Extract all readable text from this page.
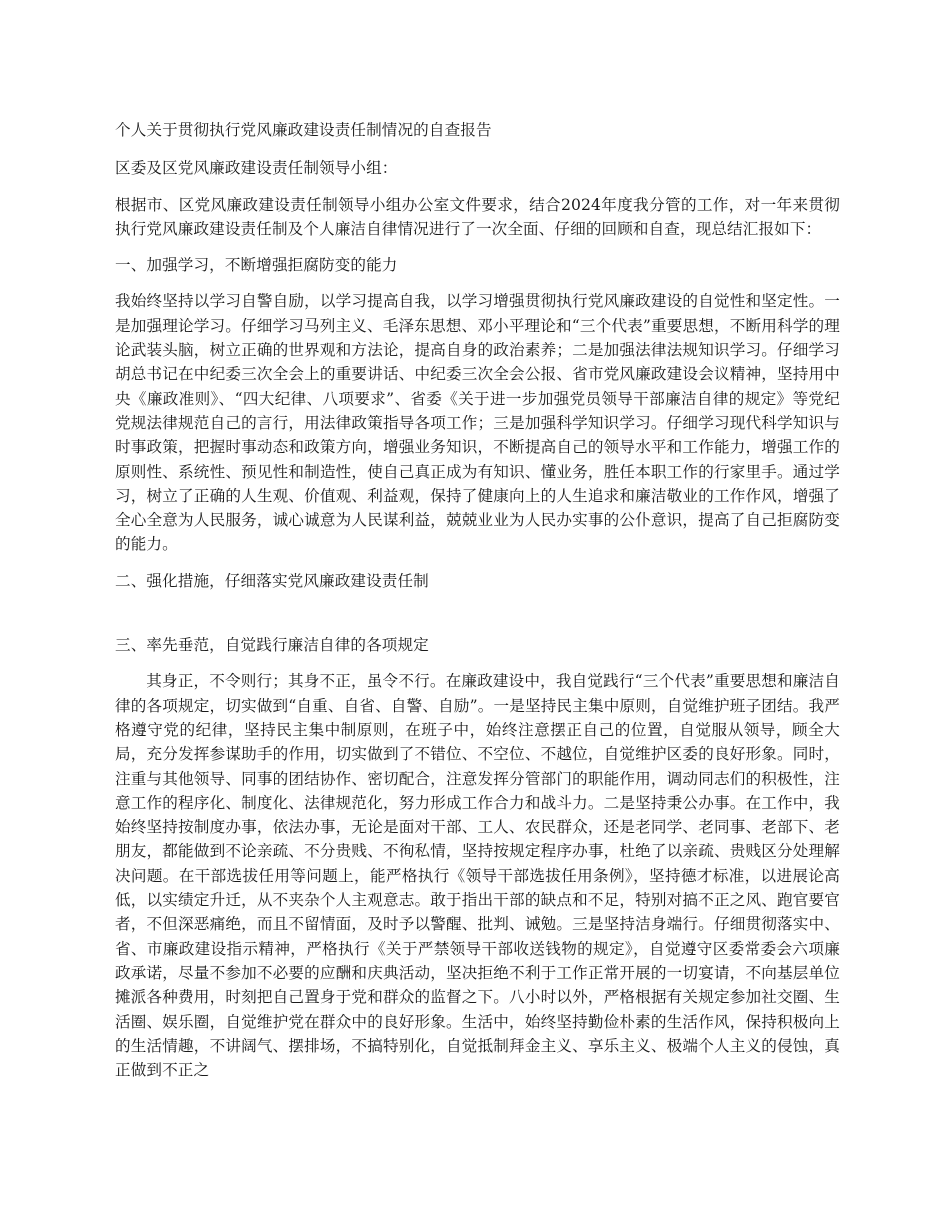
个人关于贯彻执行党风廉政建设责任制情况的自查报告

区委及区党风廉政建设责任制领导小组：

根据市、区党风廉政建设责任制领导小组办公室文件要求，结合2024年度我分管的工作，对一年来贯彻执行党风廉政建设责任制及个人廉洁自律情况进行了一次全面、仔细的回顾和自查，现总结汇报如下：

一、加强学习，不断增强拒腐防变的能力

我始终坚持以学习自警自励，以学习提高自我，以学习增强贯彻执行党风廉政建设的自觉性和坚定性。一是加强理论学习。仔细学习马列主义、毛泽东思想、邓小平理论和“三个代表”重要思想，不断用科学的理论武装头脑，树立正确的世界观和方法论，提高自身的政治素养；二是加强法律法规知识学习。仔细学习胡总书记在中纪委三次全会上的重要讲话、中纪委三次全会公报、省市党风廉政建设会议精神，坚持用中央《廉政准则》、“四大纪律、八项要求”、省委《关于进一步加强党员领导干部廉洁自律的规定》等党纪党规法律规范自己的言行，用法律政策指导各项工作；三是加强科学知识学习。仔细学习现代科学知识与时事政策，把握时事动态和政策方向，增强业务知识，不断提高自己的领导水平和工作能力，增强工作的原则性、系统性、预见性和制造性，使自己真正成为有知识、懂业务，胜任本职工作的行家里手。通过学习，树立了正确的人生观、价值观、利益观，保持了健康向上的人生追求和廉洁敬业的工作作风，增强了全心全意为人民服务，诚心诚意为人民谋利益，兢兢业业为人民办实事的公仆意识，提高了自己拒腐防变的能力。

二、强化措施，仔细落实党风廉政建设责任制

三、率先垂范，自觉践行廉洁自律的各项规定

其身正，不令则行；其身不正，虽令不行。在廉政建设中，我自觉践行“三个代表”重要思想和廉洁自律的各项规定，切实做到“自重、自省、自警、自励”。一是坚持民主集中原则，自觉维护班子团结。我严格遵守党的纪律，坚持民主集中制原则，在班子中，始终注意摆正自己的位置，自觉服从领导，顾全大局，充分发挥参谋助手的作用，切实做到了不错位、不空位、不越位，自觉维护区委的良好形象。同时，注重与其他领导、同事的团结协作、密切配合，注意发挥分管部门的职能作用，调动同志们的积极性，注意工作的程序化、制度化、法律规范化，努力形成工作合力和战斗力。二是坚持秉公办事。在工作中，我始终坚持按制度办事，依法办事，无论是面对干部、工人、农民群众，还是老同学、老同事、老部下、老朋友，都能做到不论亲疏、不分贵贱、不徇私情，坚持按规定程序办事，杜绝了以亲疏、贵贱区分处理解决问题。在干部选拔任用等问题上，能严格执行《领导干部选拔任用条例》，坚持德才标准，以进展论高低，以实绩定升迁，从不夹杂个人主观意志。敢于指出干部的缺点和不足，特别对搞不正之风、跑官要官者，不但深恶痛绝，而且不留情面，及时予以警醒、批判、诫勉。三是坚持洁身端行。仔细贯彻落实中、省、市廉政建设指示精神，严格执行《关于严禁领导干部收送钱物的规定》，自觉遵守区委常委会六项廉政承诺，尽量不参加不必要的应酬和庆典活动，坚决拒绝不利于工作正常开展的一切宴请，不向基层单位摊派各种费用，时刻把自己置身于党和群众的监督之下。八小时以外，严格根据有关规定参加社交圈、生活圈、娱乐圈，自觉维护党在群众中的良好形象。生活中，始终坚持勤俭朴素的生活作风，保持积极向上的生活情趣，不讲阔气、摆排场，不搞特别化，自觉抵制拜金主义、享乐主义、极端个人主义的侵蚀，真正做到不正之
